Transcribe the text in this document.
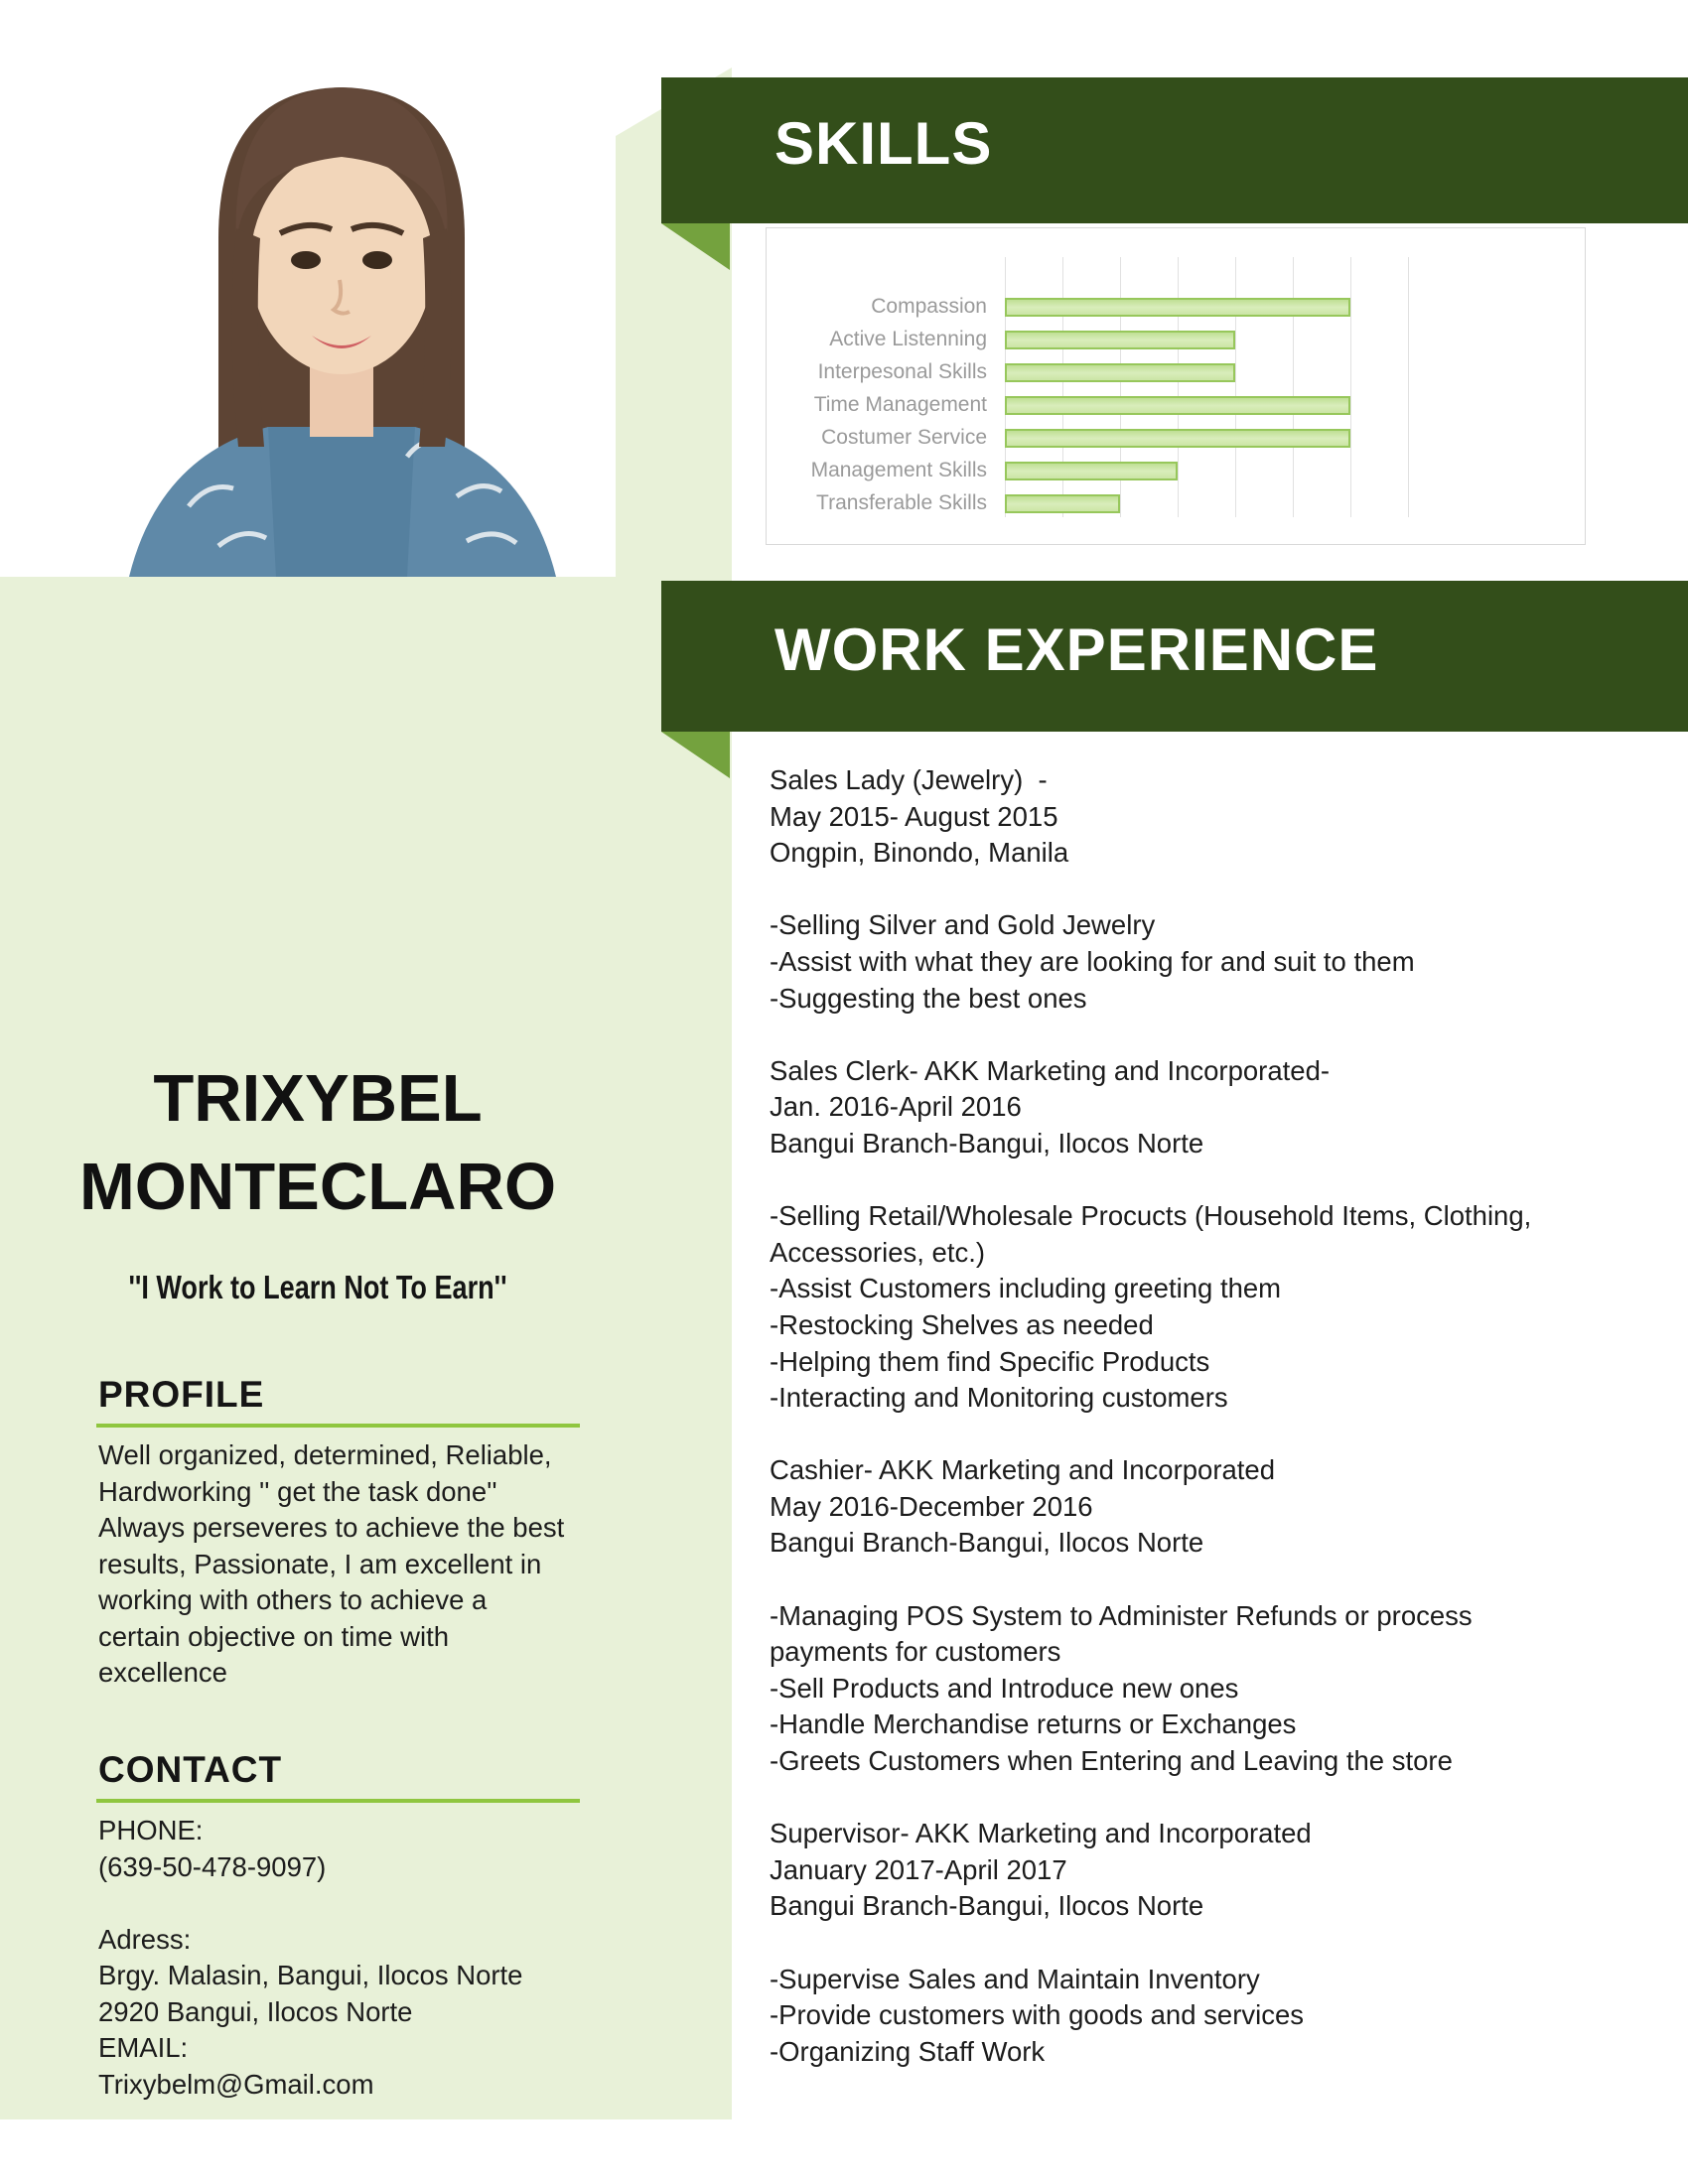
TRIXYBEL
MONTECLARO
''I Work to Learn Not To Earn''
PROFILE
Well organized, determined, Reliable,
Hardworking '' get the task done''
Always perseveres to achieve the best
results, Passionate, I am excellent in
working with others to achieve a
certain objective on time with
excellence
CONTACT
PHONE:
(639-50-478-9097)

Adress:
Brgy. Malasin, Bangui, Ilocos Norte
2920 Bangui, Ilocos Norte
EMAIL:
Trixybelm@Gmail.com
SKILLS
Compassion
Active Listenning
Interpesonal Skills
Time Management
Costumer Service
Management Skills
Transferable Skills
WORK EXPERIENCE
Sales Lady (Jewelry)  -
May 2015- August 2015
Ongpin, Binondo, Manila

-Selling Silver and Gold Jewelry
-Assist with what they are looking for and suit to them
-Suggesting the best ones

Sales Clerk- AKK Marketing and Incorporated-
Jan. 2016-April 2016
Bangui Branch-Bangui, Ilocos Norte

-Selling Retail/Wholesale Procucts (Household Items, Clothing,
Accessories, etc.)
-Assist Customers including greeting them
-Restocking Shelves as needed
-Helping them find Specific Products
-Interacting and Monitoring customers

Cashier- AKK Marketing and Incorporated
May 2016-December 2016
Bangui Branch-Bangui, Ilocos Norte

-Managing POS System to Administer Refunds or process
payments for customers
-Sell Products and Introduce new ones
-Handle Merchandise returns or Exchanges
-Greets Customers when Entering and Leaving the store

Supervisor- AKK Marketing and Incorporated
January 2017-April 2017
Bangui Branch-Bangui, Ilocos Norte

-Supervise Sales and Maintain Inventory
-Provide customers with goods and services
-Organizing Staff Work
